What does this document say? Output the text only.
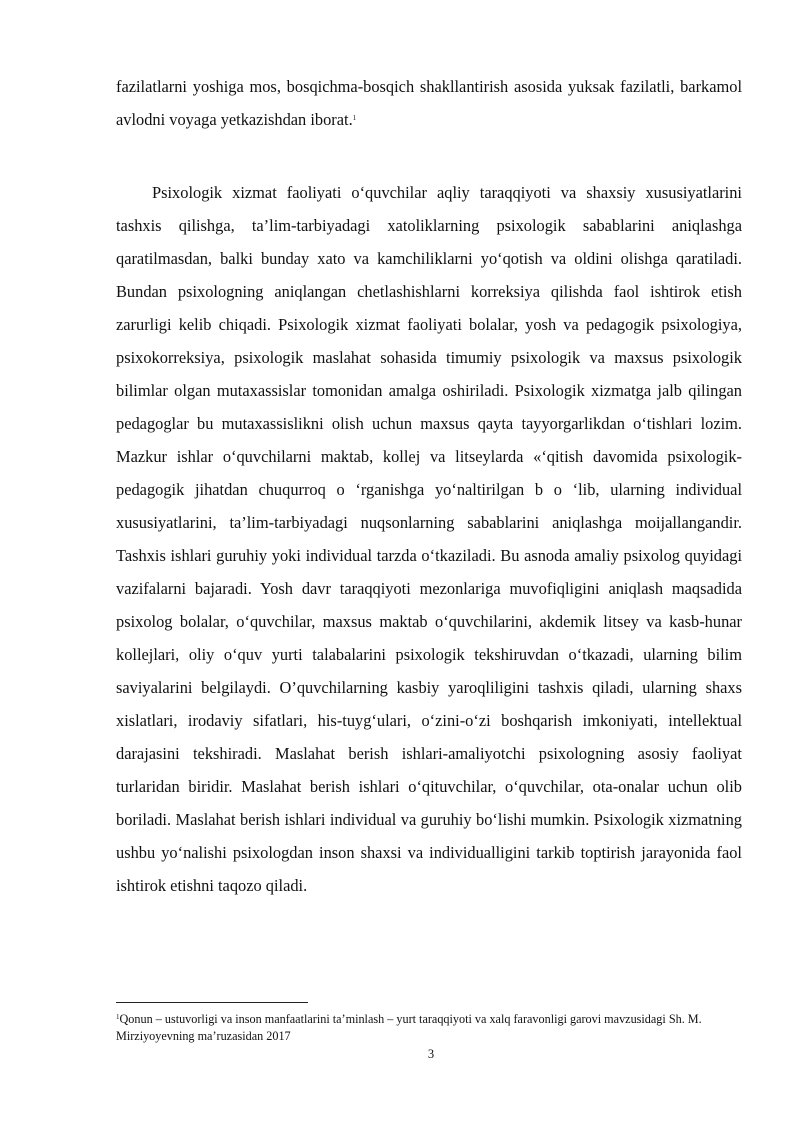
fazilatlarni yoshiga mos, bosqichma-bosqich shakllantirish asosida yuksak fazilatli, barkamol avlodni voyaga yetkazishdan iborat.$^1$

Psixologik xizmat faoliyati o‘quvchilar aqliy taraqqiyoti va shaxsiy xususiyatlarini tashxis qilishga, ta’lim-tarbiyadagi xatoliklarning psixologik sabablarini aniqlashga qaratilmasdan, balki bunday xato va kamchiliklarni yo‘qotish va oldini olishga qaratiladi. Bundan psixologning aniqlangan chetlashishlarni korreksiya qilishda faol ishtirok etish zarurligi kelib chiqadi. Psixologik xizmat faoliyati bolalar, yosh va pedagogik psixologiya, psixokorreksiya, psixologik maslahat sohasida timumiy psixologik va maxsus psixologik bilimlar olgan mutaxassislar tomonidan amalga oshiriladi. Psixologik xizmatga jalb qilingan pedagoglar bu mutaxassislikni olish uchun maxsus qayta tayyorgarlikdan o‘tishlari lozim. Mazkur ishlar o‘quvchilarni maktab, kollej va litseylarda «‘qitish davomida psixologik-pedagogik jihatdan chuqurroq o ‘rganishga yo‘naltirilgan b o ‘lib, ularning individual xususiyatlarini, ta’lim-tarbiyadagi nuqsonlarning sabablarini aniqlashga moijallangandir. Tashxis ishlari guruhiy yoki individual tarzda o‘tkaziladi. Bu asnoda amaliy psixolog quyidagi vazifalarni bajaradi. Yosh davr taraqqiyoti mezonlariga muvofiqligini aniqlash maqsadida psixolog bolalar, o‘quvchilar, maxsus maktab o‘quvchilarini, akdemik litsey va kasb-hunar kollejlari, oliy o‘quv yurti talabalarini psixologik tekshiruvdan o‘tkazadi, ularning bilim saviyalarini belgilaydi. O’quvchilarning kasbiy yaroqliligini tashxis qiladi, ularning shaxs xislatlari, irodaviy sifatlari, his-tuyg‘ulari, o‘zini-o‘zi boshqarish imkoniyati, intellektual darajasini tekshiradi. Maslahat berish ishlari-amaliyotchi psixologning asosiy faoliyat turlaridan biridir. Maslahat berish ishlari o‘qituvchilar, o‘quvchilar, ota-onalar uchun olib boriladi. Maslahat berish ishlari individual va guruhiy bo‘lishi mumkin. Psixologik xizmatning ushbu yo‘nalishi psixologdan inson shaxsi va individualligini tarkib toptirish jarayonida faol ishtirok etishni taqozo qiladi.

$^1$Qonun – ustuvorligi va inson manfaatlarini ta’minlash – yurt taraqqiyoti va xalq faravonligi garovi mavzusidagi Sh. M. Mirziyoyevning ma’ruzasidan 2017

3
